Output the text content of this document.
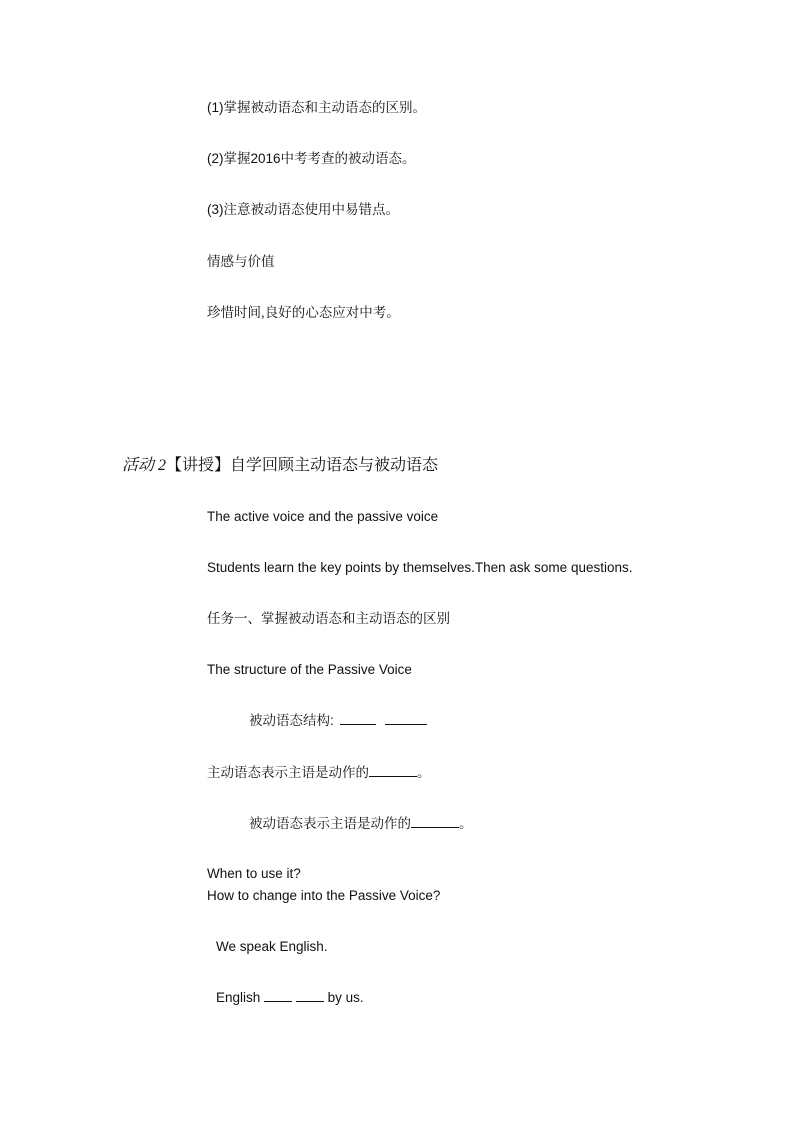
(1)掌握被动语态和主动语态的区别。
(2)掌握2016中考考查的被动语态。
(3)注意被动语态使用中易错点。
情感与价值
珍惜时间,良好的心态应对中考。
活动 2【讲授】自学回顾主动语态与被动语态
The active voice and the passive voice
Students learn the key points by themselves.Then ask some questions.
任务一、掌握被动语态和主动语态的区别
The structure of the Passive Voice
被动语态结构:
主动语态表示主语是动作的	。
被动语态表示主语是动作的	。
When to use it?
How to change into the Passive Voice?
We speak English.
English	by us.
